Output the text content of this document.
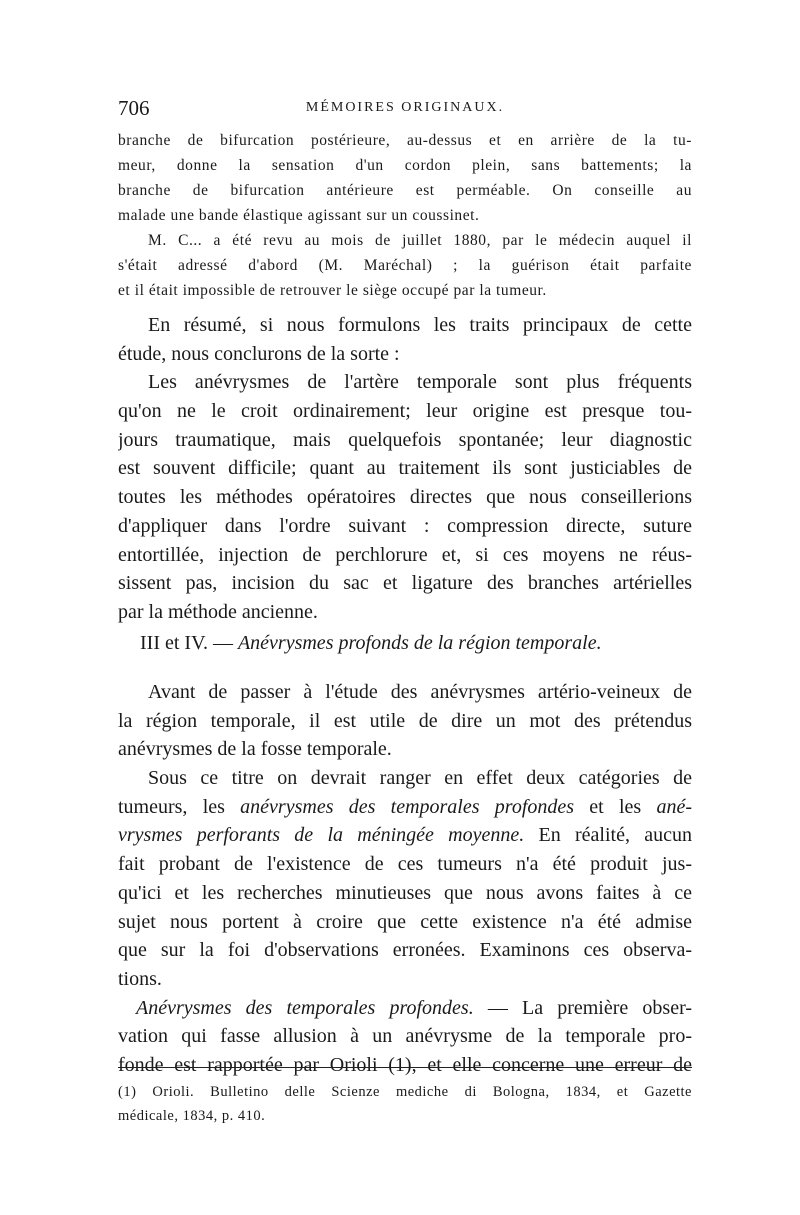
706	MÉMOIRES ORIGINAUX.
branche de bifurcation postérieure, au-dessus et en arrière de la tu-
meur, donne la sensation d'un cordon plein, sans battements; la
branche de bifurcation antérieure est perméable. On conseille au
malade une bande élastique agissant sur un coussinet.
M. C... a été revu au mois de juillet 1880, par le médecin auquel il
s'était adressé d'abord (M. Maréchal) ; la guérison était parfaite
et il était impossible de retrouver le siège occupé par la tumeur.
En résumé, si nous formulons les traits principaux de cette
étude, nous conclurons de la sorte :
Les anévrysmes de l'artère temporale sont plus fréquents
qu'on ne le croit ordinairement; leur origine est presque tou-
jours traumatique, mais quelquefois spontanée; leur diagnostic
est souvent difficile; quant au traitement ils sont justiciables de
toutes les méthodes opératoires directes que nous conseillerions
d'appliquer dans l'ordre suivant : compression directe, suture
entortillée, injection de perchlorure et, si ces moyens ne réus-
sissent pas, incision du sac et ligature des branches artérielles
par la méthode ancienne.
III et IV. — Anévrysmes profonds de la région temporale.
Avant de passer à l'étude des anévrysmes artério-veineux de
la région temporale, il est utile de dire un mot des prétendus
anévrysmes de la fosse temporale.
Sous ce titre on devrait ranger en effet deux catégories de
tumeurs, les anévrysmes des temporales profondes et les ané-
vrysmes perforants de la méningée moyenne. En réalité, aucun
fait probant de l'existence de ces tumeurs n'a été produit jus-
qu'ici et les recherches minutieuses que nous avons faites à ce
sujet nous portent à croire que cette existence n'a été admise
que sur la foi d'observations erronées. Examinons ces observa-
tions.
Anévrysmes des temporales profondes. — La première obser-
vation qui fasse allusion à un anévrysme de la temporale pro-
fonde est rapportée par Orioli (1), et elle concerne une erreur de
(1) Orioli. Bulletino delle Scienze mediche di Bologna, 1834, et Gazette
médicale, 1834, p. 410.
